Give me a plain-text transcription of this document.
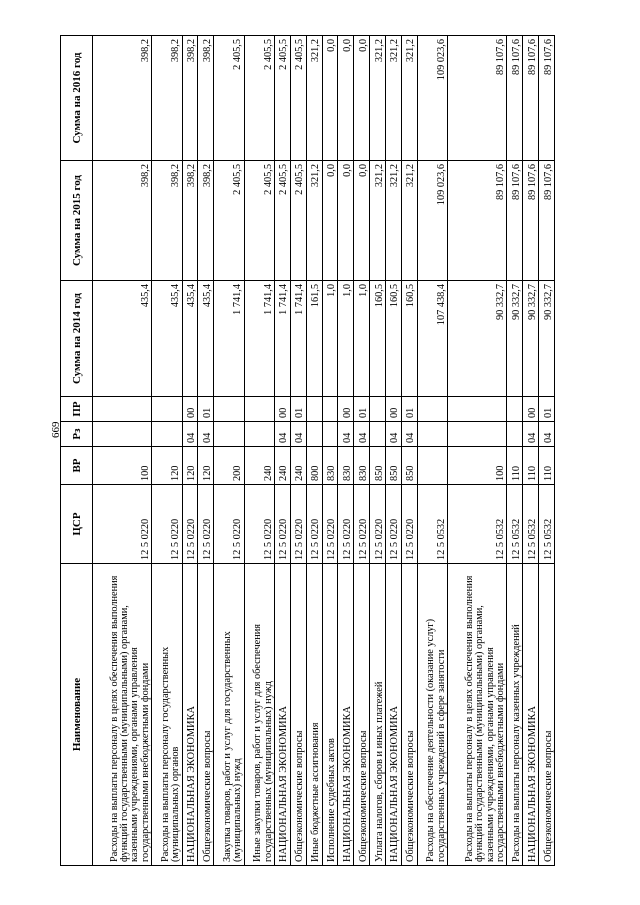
669
Наименование	ЦСР	ВР	Рз	ПР	Сумма на 2014 год	Сумма на 2015 год	Сумма на 2016 год
Расходы на выплаты персоналу в целях обеспечения выполнения функций государственными (муниципальными) органами, казенными учреждениями, органами управления государственными внебюджетными фондами	12 5 0220	100			435,4	398,2	398,2
Расходы на выплаты персоналу государственных (муниципальных) органов	12 5 0220	120			435,4	398,2	398,2
НАЦИОНАЛЬНАЯ ЭКОНОМИКА	12 5 0220	120	04	00	435,4	398,2	398,2
Общеэкономические вопросы	12 5 0220	120	04	01	435,4	398,2	398,2
Закупка товаров, работ и услуг для государственных (муниципальных) нужд	12 5 0220	200			1 741,4	2 405,5	2 405,5
Иные закупки товаров, работ и услуг для обеспечения государственных (муниципальных) нужд	12 5 0220	240			1 741,4	2 405,5	2 405,5
НАЦИОНАЛЬНАЯ ЭКОНОМИКА	12 5 0220	240	04	00	1 741,4	2 405,5	2 405,5
Общеэкономические вопросы	12 5 0220	240	04	01	1 741,4	2 405,5	2 405,5
Иные бюджетные ассигнования	12 5 0220	800			161,5	321,2	321,2
Исполнение судебных актов	12 5 0220	830			1,0	0,0	0,0
НАЦИОНАЛЬНАЯ ЭКОНОМИКА	12 5 0220	830	04	00	1,0	0,0	0,0
Общеэкономические вопросы	12 5 0220	830	04	01	1,0	0,0	0,0
Уплата налогов, сборов и иных платежей	12 5 0220	850			160,5	321,2	321,2
НАЦИОНАЛЬНАЯ ЭКОНОМИКА	12 5 0220	850	04	00	160,5	321,2	321,2
Общеэкономические вопросы	12 5 0220	850	04	01	160,5	321,2	321,2
Расходы на обеспечение деятельности (оказание услуг) государственных учреждений в сфере занятости	12 5 0532				107 438,4	109 023,6	109 023,6
Расходы на выплаты персоналу в целях обеспечения выполнения функций государственными (муниципальными) органами, казенными учреждениями, органами управления государственными внебюджетными фондами	12 5 0532	100			90 332,7	89 107,6	89 107,6
Расходы на выплаты персоналу казенных учреждений	12 5 0532	110			90 332,7	89 107,6	89 107,6
НАЦИОНАЛЬНАЯ ЭКОНОМИКА	12 5 0532	110	04	00	90 332,7	89 107,6	89 107,6
Общеэкономические вопросы	12 5 0532	110	04	01	90 332,7	89 107,6	89 107,6
